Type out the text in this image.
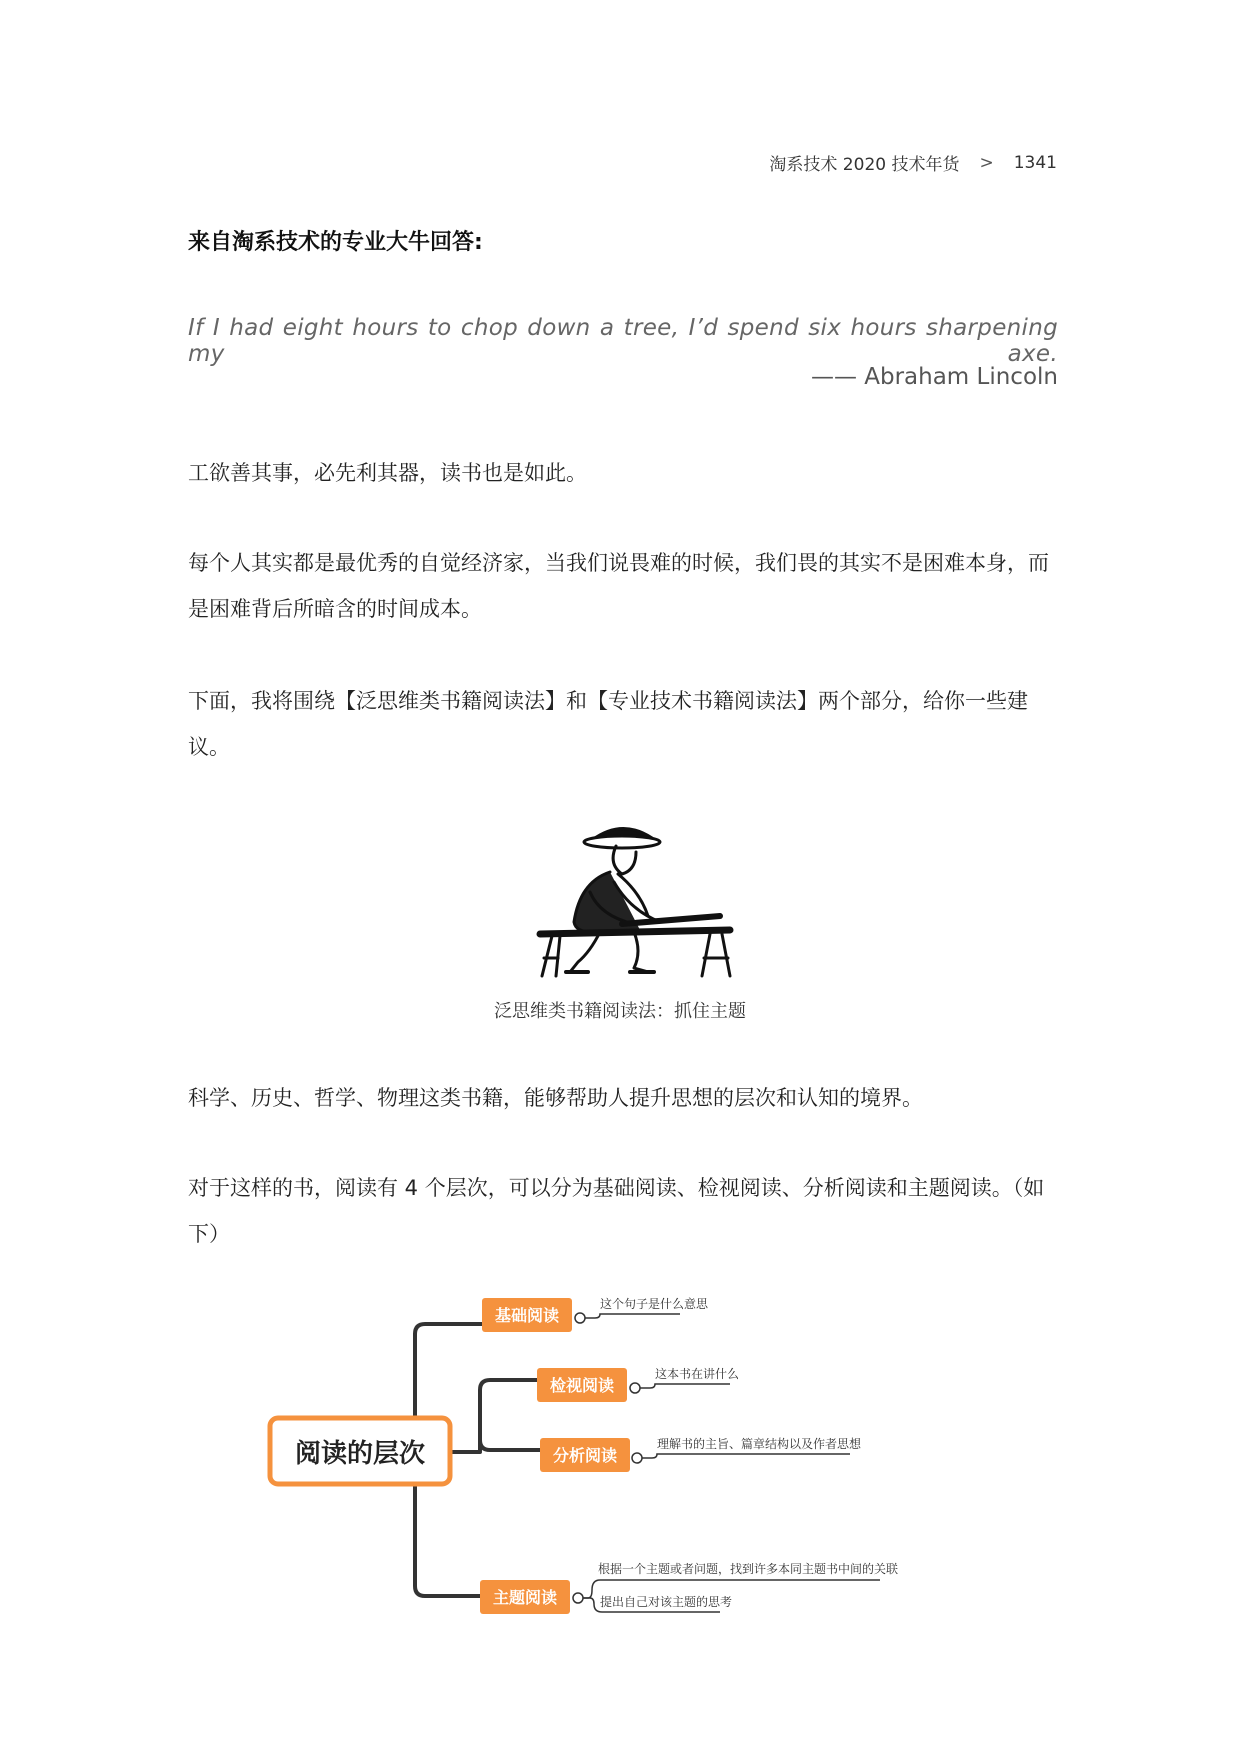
淘系技术 2020 技术年货 > 1341
来自淘系技术的专业大牛回答:
If I had eight hours to chop down a tree, I’d spend six hours sharpening my axe.
—— Abraham Lincoln
工欲善其事，必先利其器，读书也是如此。
每个人其实都是最优秀的自觉经济家，当我们说畏难的时候，我们畏的其实不是困难本身，而是困难背后所暗含的时间成本。
下面，我将围绕【泛思维类书籍阅读法】和【专业技术书籍阅读法】两个部分，给你一些建议。
泛思维类书籍阅读法：抓住主题
科学、历史、哲学、物理这类书籍，能够帮助人提升思想的层次和认知的境界。
对于这样的书，阅读有 4 个层次，可以分为基础阅读、检视阅读、分析阅读和主题阅读。（如下）
阅读的层次
基础阅读
这个句子是什么意思
检视阅读
这本书在讲什么
分析阅读
理解书的主旨、篇章结构以及作者思想
主题阅读
根据一个主题或者问题，找到许多本同主题书中间的关联
提出自己对该主题的思考
